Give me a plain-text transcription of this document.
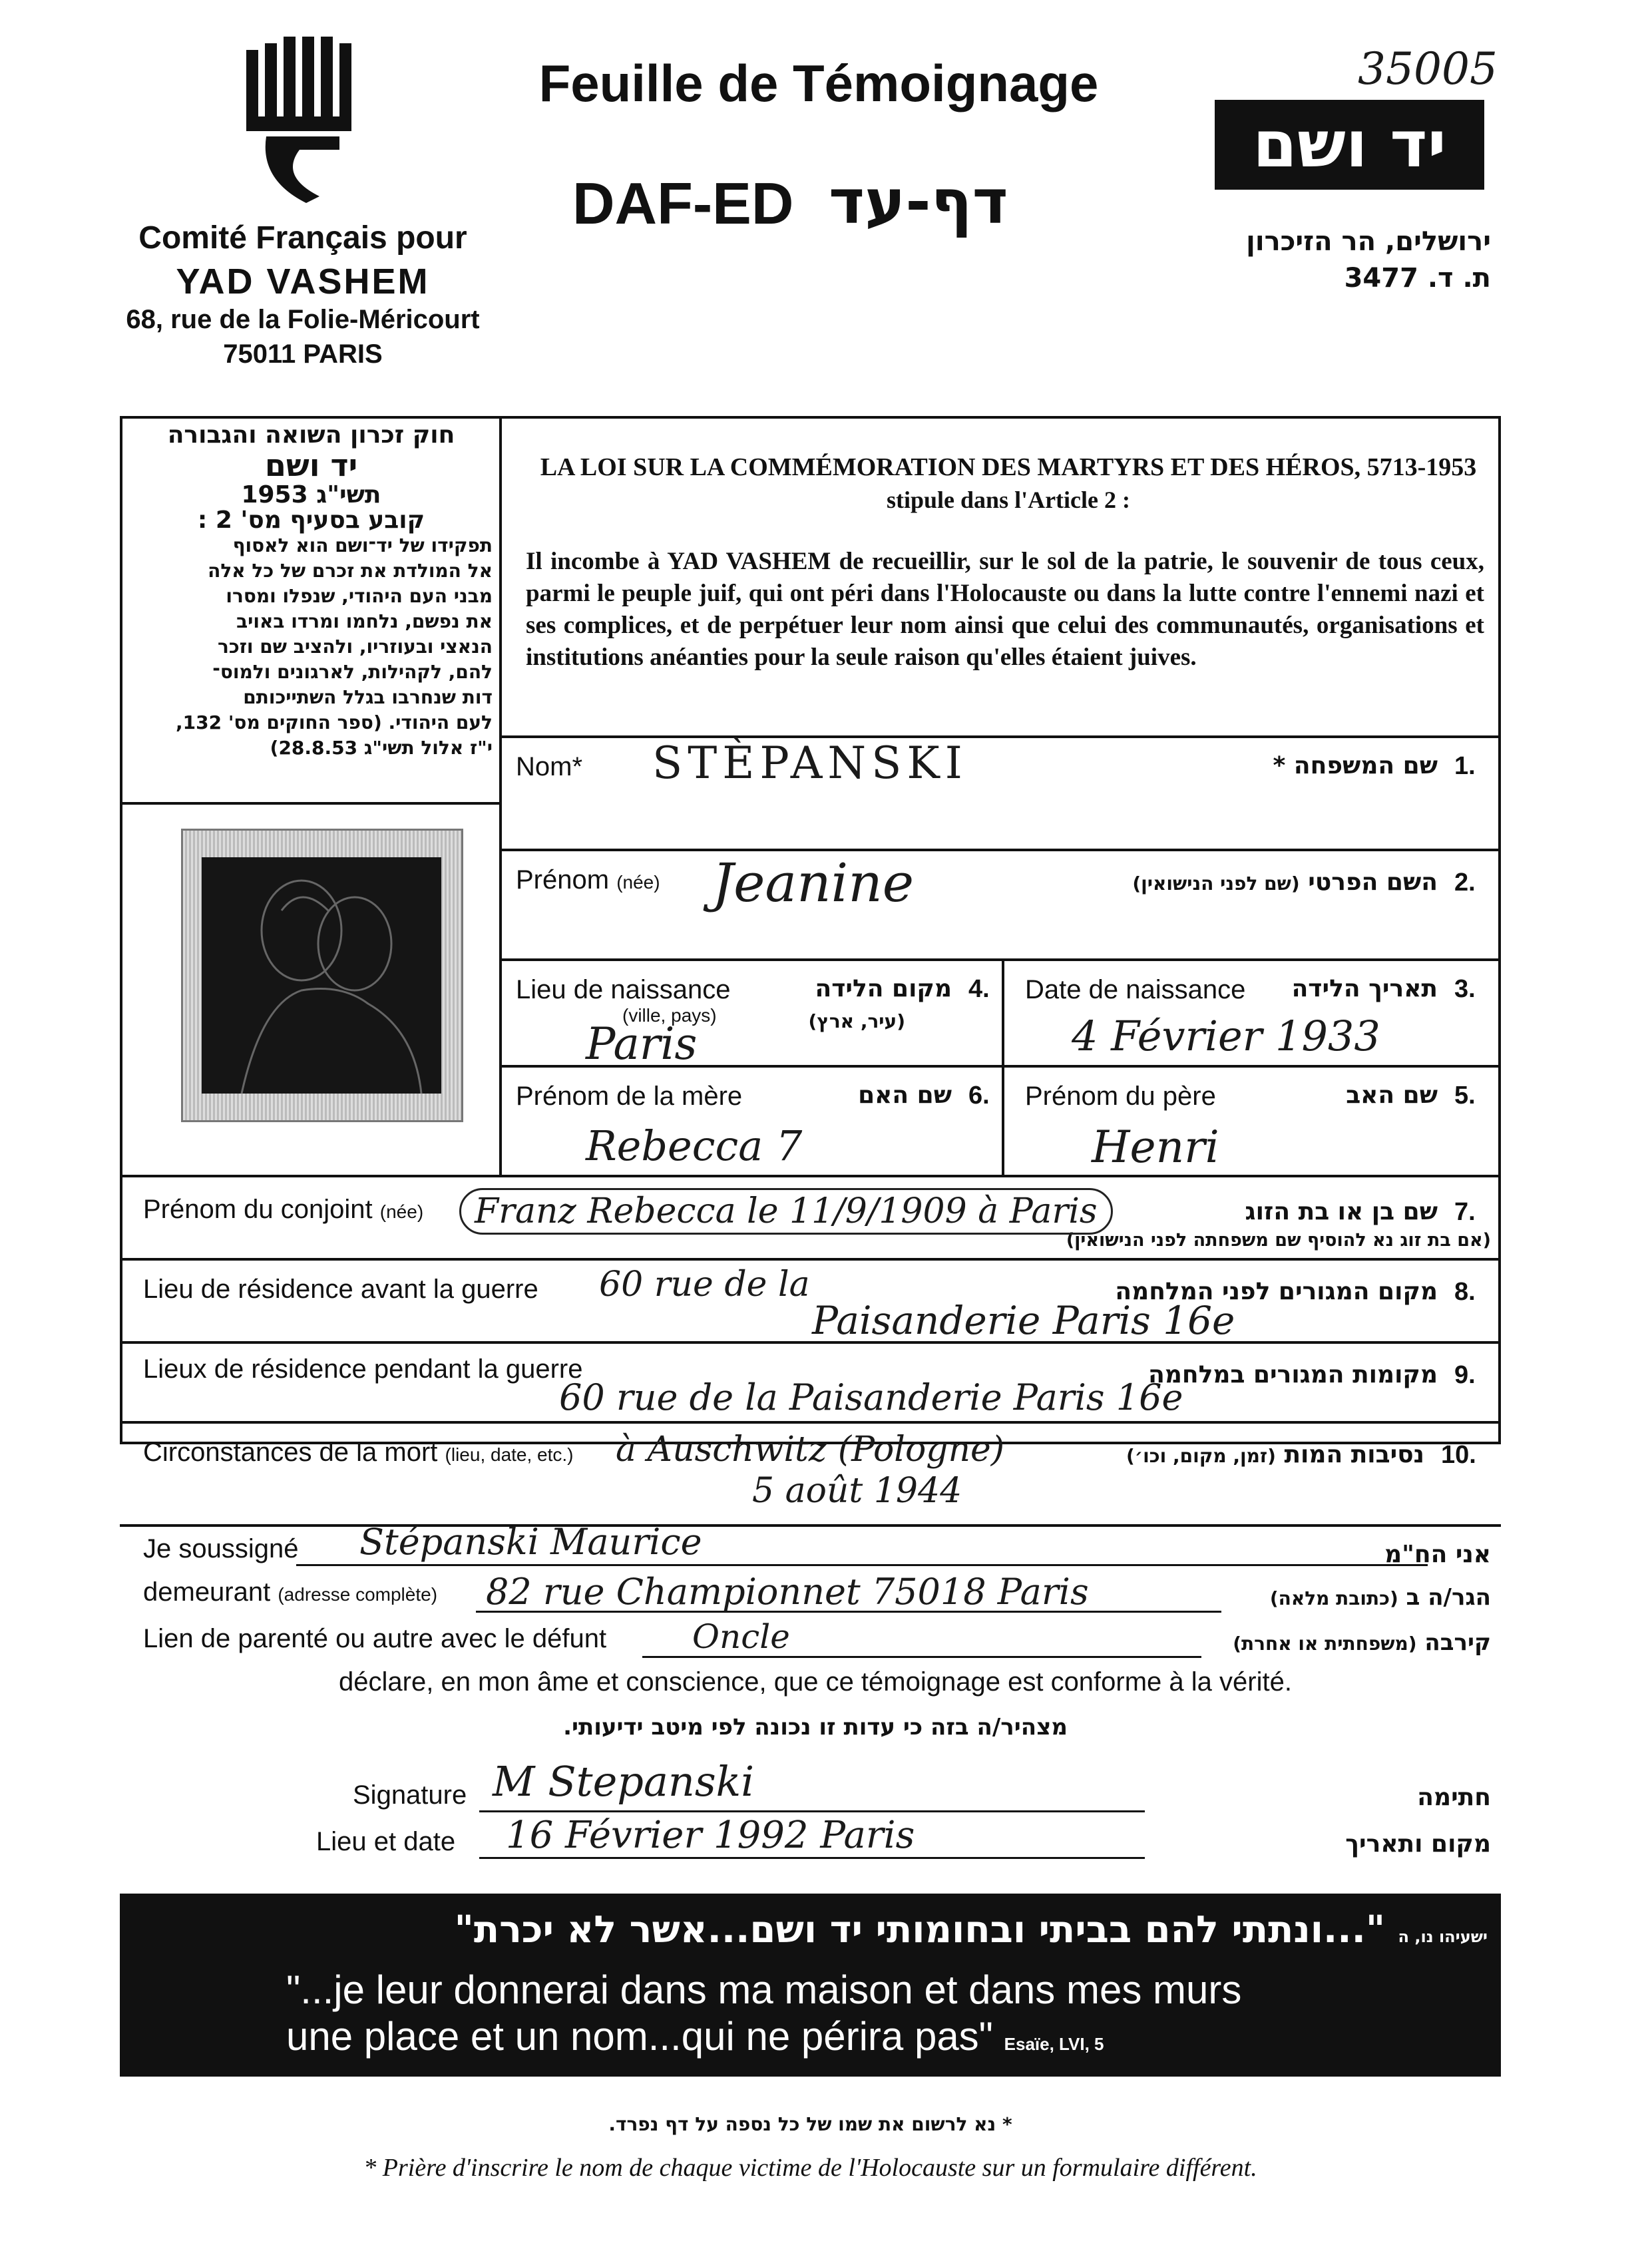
35005
Comité Français pour
YAD VASHEM
68, rue de la Folie-Méricourt
75011 PARIS
Feuille de Témoignage
DAF-ED דף-עד
יד ושם
ירושלים, הר הזיכרון
ת. ד. 3477
חוק זכרון השואה והגבורה
יד ושם
תשי"ג 1953
קובע בסעיף מס' 2 :
תפקידו של יד־ושם הוא לאסוף
אל המולדת את זכרם של כל אלה
מבני העם היהודי, שנפלו ומסרו
את נפשם, נלחמו ומרדו באויב
הנאצי ובעוזריו, ולהציב שם וזכר
להם, לקהילות, לארגונים ולמוס־
דות שנחרבו בגלל השתייכותם
לעם היהודי. (ספר החוקים מס' 132,
י"ז אלול תשי"ג 28.8.53)
LA LOI SUR LA COMMÉMORATION DES MARTYRS ET DES HÉROS, 5713-1953
stipule dans l'Article 2 :
Il incombe à YAD VASHEM de recueillir, sur le sol de la patrie, le souvenir de tous ceux, parmi le peuple juif, qui ont péri dans l'Holocauste ou dans la lutte contre l'ennemi nazi et ses complices, et de perpétuer leur nom ainsi que celui des communautés, organisations et institutions anéanties pour la seule raison qu'elles étaient juives.
Nom*	שם המשפחה * 1.
STÈPANSKI
Prénom (née)	השם הפרטי (שם לפני הנישואין)	2.
Jeanine
Lieu de naissance
(ville, pays)
מקום הלידה
(עיר, ארץ)
4.
Paris
Date de naissance	תאריך הלידה 3.
4 Février 1933
Prénom de la mère	שם האם 6.
Rebecca 7
Prénom du père	שם האב 5.
Henri
Prénom du conjoint (née)	שם בן או בת הזוג
(אם בת זוג נא להוסיף שם משפחתה לפני הנישואין)
7.
Franz Rebecca le 11/9/1909 à Paris
Lieu de résidence avant la guerre	מקום המגורים לפני המלחמה 8.
60 rue de la
Paisanderie Paris 16e
Lieux de résidence pendant la guerre	מקומות המגורים במלחמה 9.
60 rue de la Paisanderie Paris 16e
Circonstances de la mort (lieu, date, etc.)	נסיבות המות (זמן, מקום, וכו׳)	10.
à Auschwitz (Pologne)
5 août 1944
Je soussigné Stépanski Maurice	אני הח"מ
demeurant (adresse complète) 82 rue Championnet 75018 Paris	הגר/ה ב (כתובת מלאה)
Lien de parenté ou autre avec le défunt	Oncle	קירבה (משפחתית או אחרת)
déclare, en mon âme et conscience, que ce témoignage est conforme à la vérité.
מצהיר/ה בזה כי עדות זו נכונה לפי מיטב ידיעותי.
Signature M Stepanski	חתימה
Lieu et date 16 Février 1992 Paris	מקום ותאריך
ישעיהו נו, ה "...ונתתי להם בביתי ובחומותי יד ושם...אשר לא יכרת"
"...je leur donnerai dans ma maison et dans mes murs
une place et un nom...qui ne périra pas" Esaïe, LVI, 5
* נא לרשום את שמו של כל נספה על דף נפרד.
* Prière d'inscrire le nom de chaque victime de l'Holocauste sur un formulaire différent.
